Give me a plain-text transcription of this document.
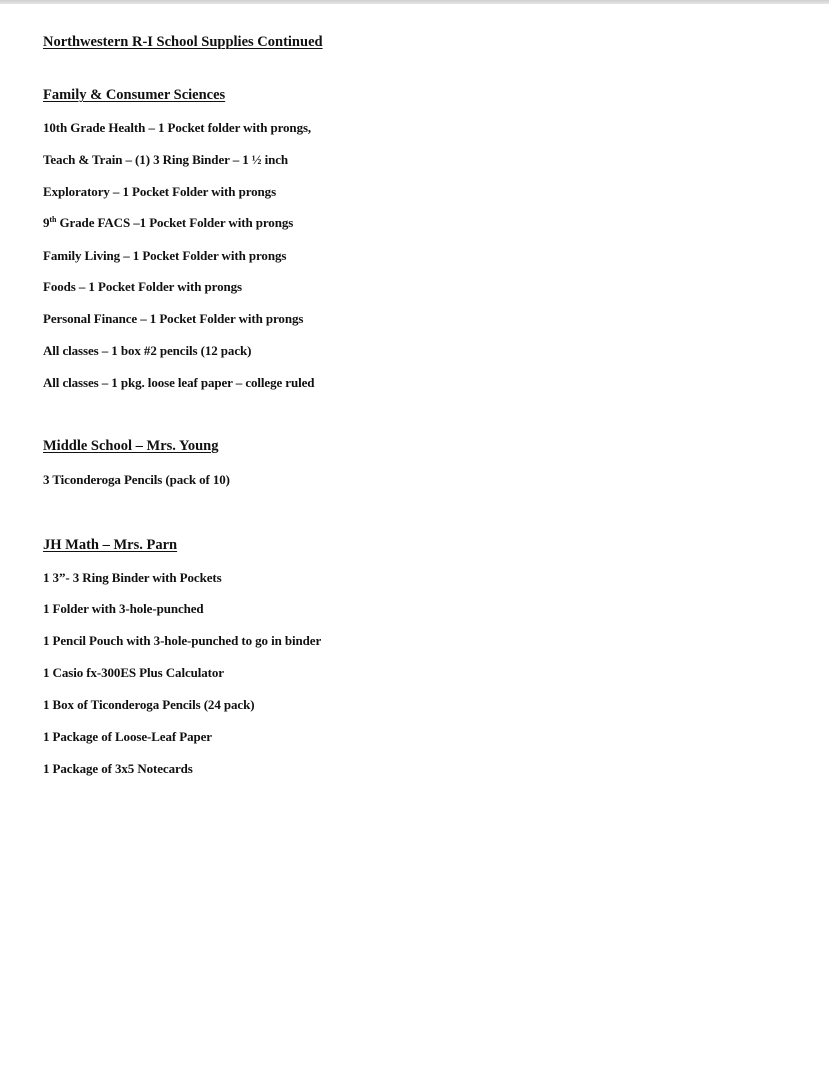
Northwestern R-I School Supplies Continued
Family & Consumer Sciences
10th Grade Health – 1 Pocket folder with prongs,
Teach & Train – (1) 3 Ring Binder – 1 ½ inch
Exploratory – 1 Pocket Folder with prongs
9th Grade FACS –1 Pocket Folder with prongs
Family Living – 1 Pocket Folder with prongs
Foods – 1 Pocket Folder with prongs
Personal Finance – 1 Pocket Folder with prongs
All classes – 1 box #2 pencils (12 pack)
All classes – 1 pkg. loose leaf paper – college ruled
Middle School – Mrs. Young
3 Ticonderoga Pencils (pack of 10)
JH Math – Mrs. Parn
1 3”- 3 Ring Binder with Pockets
1 Folder with 3-hole-punched
1 Pencil Pouch with 3-hole-punched to go in binder
1 Casio fx-300ES Plus Calculator
1 Box of Ticonderoga Pencils (24 pack)
1 Package of Loose-Leaf Paper
1 Package of 3x5 Notecards
